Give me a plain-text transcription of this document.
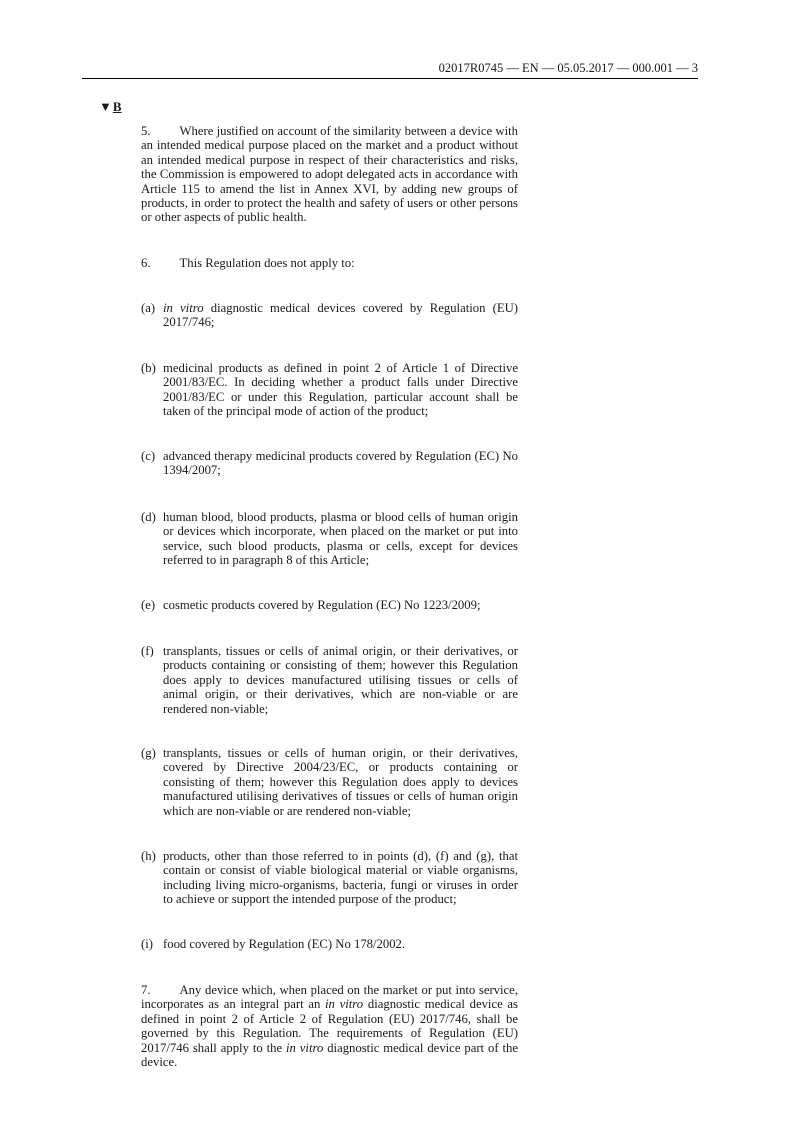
02017R0745 — EN — 05.05.2017 — 000.001 — 3
▼B

5. Where justified on account of the similarity between a device with an intended medical purpose placed on the market and a product without an intended medical purpose in respect of their characteristics and risks, the Commission is empowered to adopt delegated acts in accordance with Article 115 to amend the list in Annex XVI, by adding new groups of products, in order to protect the health and safety of users or other persons or other aspects of public health.

6. This Regulation does not apply to:

(a) in vitro diagnostic medical devices covered by Regulation (EU) 2017/746;
(b) medicinal products as defined in point 2 of Article 1 of Directive 2001/83/EC. In deciding whether a product falls under Directive 2001/83/EC or under this Regulation, particular account shall be taken of the principal mode of action of the product;
(c) advanced therapy medicinal products covered by Regulation (EC) No 1394/2007;
(d) human blood, blood products, plasma or blood cells of human origin or devices which incorporate, when placed on the market or put into service, such blood products, plasma or cells, except for devices referred to in paragraph 8 of this Article;
(e) cosmetic products covered by Regulation (EC) No 1223/2009;
(f) transplants, tissues or cells of animal origin, or their derivatives, or products containing or consisting of them; however this Regulation does apply to devices manufactured utilising tissues or cells of animal origin, or their derivatives, which are non-viable or are rendered non-viable;
(g) transplants, tissues or cells of human origin, or their derivatives, covered by Directive 2004/23/EC, or products containing or consisting of them; however this Regulation does apply to devices manufactured utilising derivatives of tissues or cells of human origin which are non-viable or are rendered non-viable;
(h) products, other than those referred to in points (d), (f) and (g), that contain or consist of viable biological material or viable organisms, including living micro-organisms, bacteria, fungi or viruses in order to achieve or support the intended purpose of the product;
(i) food covered by Regulation (EC) No 178/2002.

7. Any device which, when placed on the market or put into service, incorporates as an integral part an in vitro diagnostic medical device as defined in point 2 of Article 2 of Regulation (EU) 2017/746, shall be governed by this Regulation. The requirements of Regulation (EU) 2017/746 shall apply to the in vitro diagnostic medical device part of the device.
